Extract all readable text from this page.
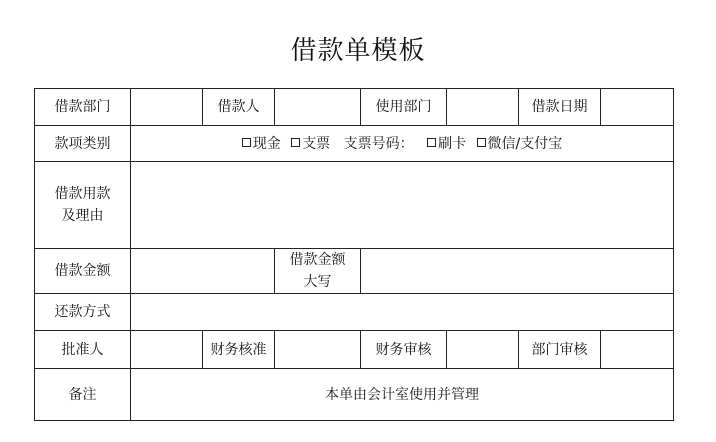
借款单模板
借款部门		借款人		使用部门		借款日期	
款项类别	现金 支票 支票号码： 刷卡 微信/支付宝						

借款用款
及理由							

借款金额			借款金额
大写				

还款方式							
批准人		财务核准		财务审核		部门审核	
备注	本单由会计室使用并管理						
